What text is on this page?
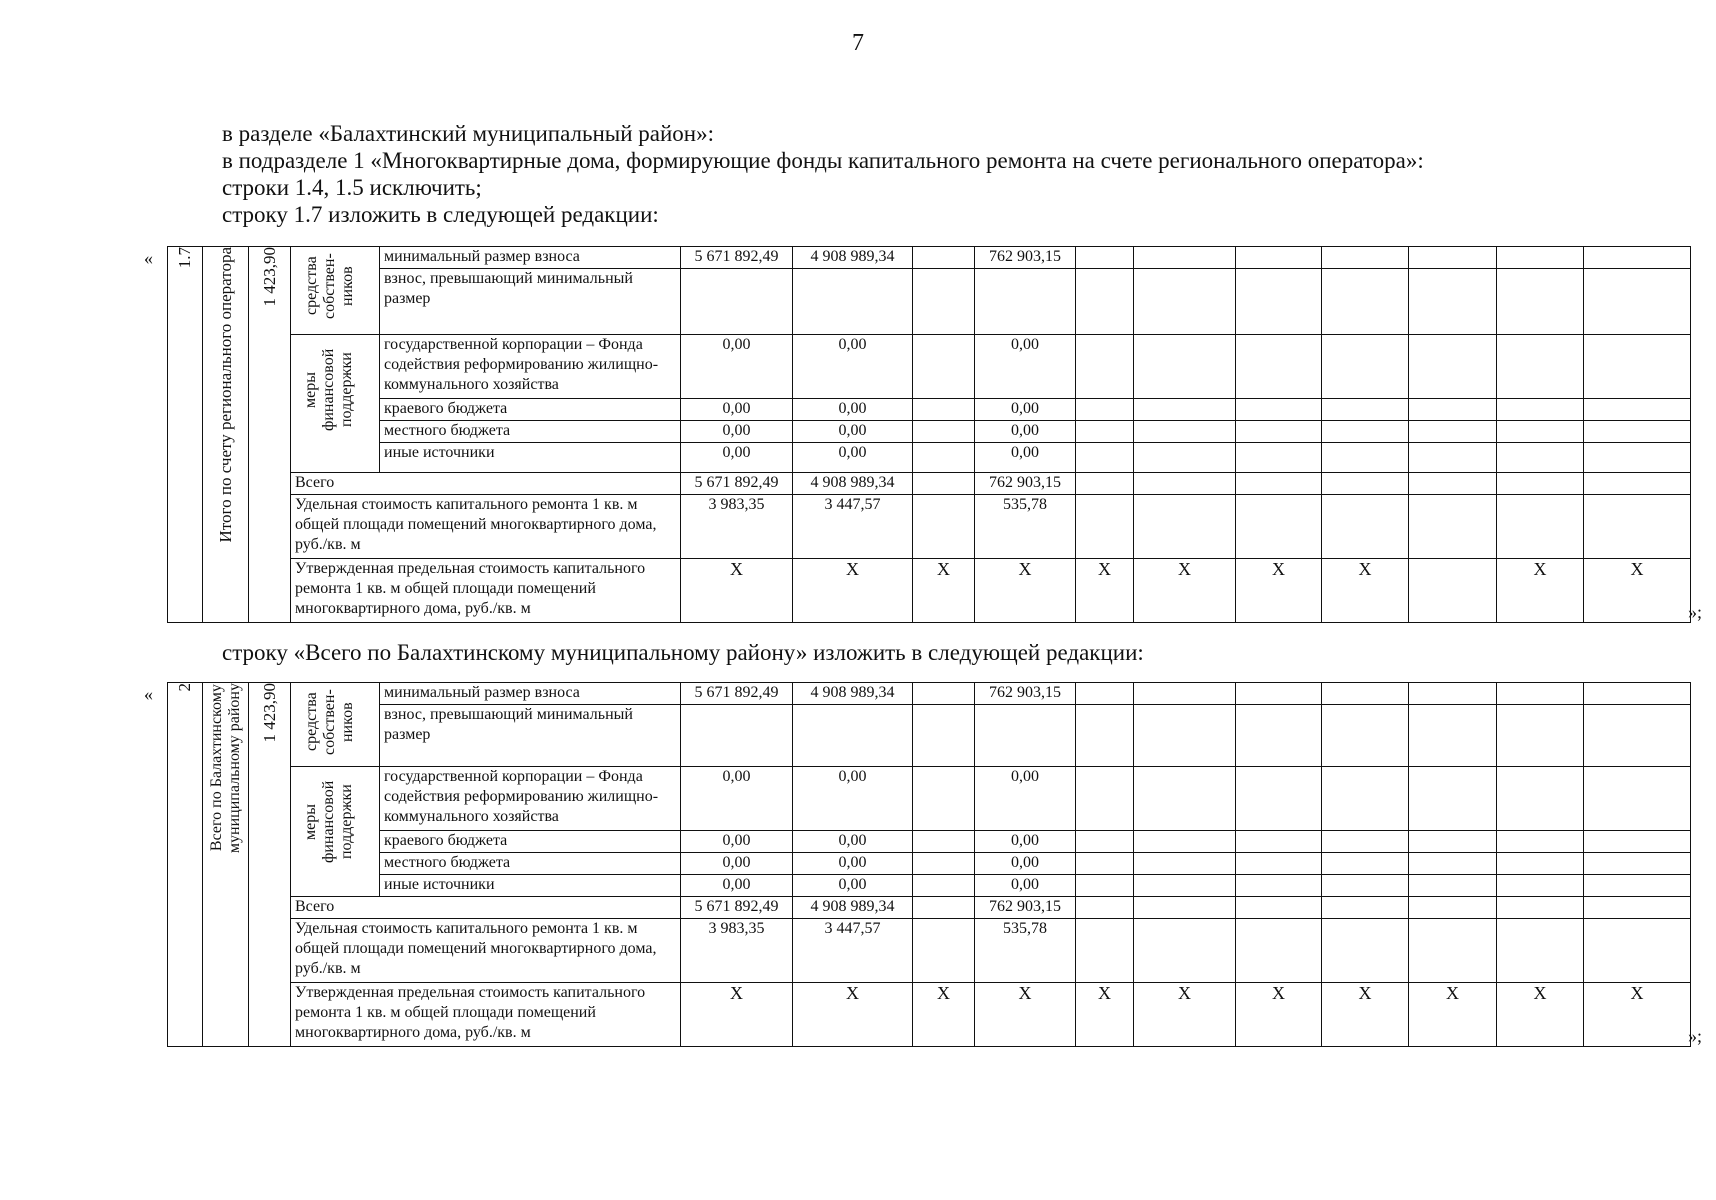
7
в разделе «Балахтинский муниципальный район»:
в подразделе 1 «Многоквартирные дома, формирующие фонды капитального ремонта на счете регионального оператора»:
строки 1.4, 1.5 исключить;
строку 1.7 изложить в следующей редакции:
« 1.7	Итого по счету регионального оператора	1 423,90	средства собствен- ников	минимальный размер взноса	5 671 892,49	4 908 989,34		762 903,15							
				взнос, превышающий минимальный размер											

			меры финансовой поддержки	государственной корпорации – Фонда содействия реформированию жилищно-коммунального хозяйства	0,00	0,00		0,00							
				краевого бюджета	0,00	0,00		0,00							
				местного бюджета	0,00	0,00		0,00							
				иные источники	0,00	0,00		0,00							
			Всего		5 671 892,49	4 908 989,34		762 903,15							
			Удельная стоимость капитального ремонта 1 кв. м общей площади помещений многоквартирного дома, руб./кв. м		3 983,35	3 447,57		535,78							
			Утвержденная предельная стоимость капитального ремонта 1 кв. м общей площади помещений многоквартирного дома, руб./кв. м		X	X	X	X	X	X	X	X		X	X
»;
строку «Всего по Балахтинскому муниципальному району» изложить в следующей редакции:
« 2	Всего по Балахтинскому муниципальному району	1 423,90	средства собствен- ников	минимальный размер взноса	5 671 892,49	4 908 989,34		762 903,15							
				взнос, превышающий минимальный размер											

			меры финансовой поддержки	государственной корпорации – Фонда содействия реформированию жилищно-коммунального хозяйства	0,00	0,00		0,00							
				краевого бюджета	0,00	0,00		0,00							
				местного бюджета	0,00	0,00		0,00							
				иные источники	0,00	0,00		0,00							
			Всего		5 671 892,49	4 908 989,34		762 903,15							
			Удельная стоимость капитального ремонта 1 кв. м общей площади помещений многоквартирного дома, руб./кв. м		3 983,35	3 447,57		535,78							
			Утвержденная предельная стоимость капитального ремонта 1 кв. м общей площади помещений многоквартирного дома, руб./кв. м		X	X	X	X	X	X	X	X	X	X	X
»;
